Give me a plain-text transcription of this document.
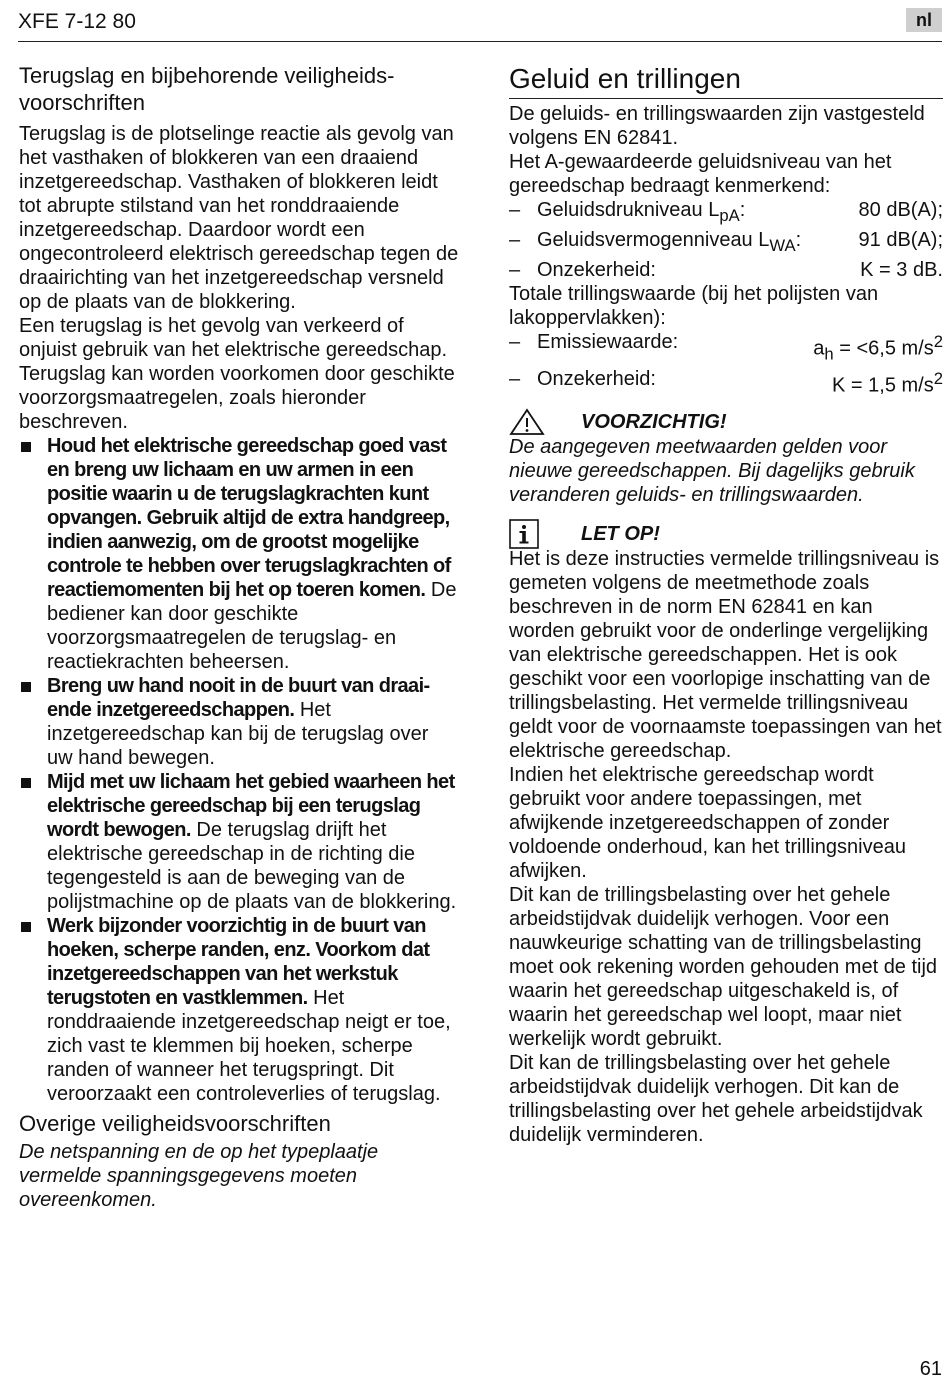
XFE 7-12 80	nl
Terugslag en bijbehorende veiligheids-
voorschriften

Terugslag is de plotselinge reactie als gevolg van het vasthaken of blokkeren van een draaiend inzetgereedschap. Vasthaken of blokkeren leidt tot abrupte stilstand van het ronddraaiende inzetgereedschap. Daardoor wordt een ongecontroleerd elektrisch gereedschap tegen de draairichting van het inzetgereedschap versneld op de plaats van de blokkering.

Een terugslag is het gevolg van verkeerd of onjuist gebruik van het elektrische gereedschap. Terugslag kan worden voorkomen door geschikte voorzorgsmaatregelen, zoals hieronder beschreven.

Houd het elektrische gereedschap goed vast en breng uw lichaam en uw armen in een positie waarin u de terugslagkrachten kunt opvangen. Gebruik altijd de extra handgreep, indien aanwezig, om de grootst mogelijke controle te hebben over terugslagkrachten of reactiemomenten bij het op toeren komen. De bediener kan door geschikte voorzorgsmaatregelen de terugslag- en reactiekrachten beheersen.
Breng uw hand nooit in de buurt van draaiende inzetgereedschappen. Het inzetgereedschap kan bij de terugslag over uw hand bewegen.
Mijd met uw lichaam het gebied waarheen het elektrische gereedschap bij een terugslag wordt bewogen. De terugslag drijft het elektrische gereedschap in de richting die tegengesteld is aan de beweging van de polijstmachine op de plaats van de blokkering.
Werk bijzonder voorzichtig in de buurt van hoeken, scherpe randen, enz. Voorkom dat inzetgereedschappen van het werkstuk terugstoten en vastklemmen. Het ronddraaiende inzetgereedschap neigt er toe, zich vast te klemmen bij hoeken, scherpe randen of wanneer het terugspringt. Dit veroorzaakt een controleverlies of terugslag.
Overige veiligheidsvoorschriften

De netspanning en de op het typeplaatje vermelde spanningsgegevens moeten overeenkomen.

Geluid en trillingen

De geluids- en trillingswaarden zijn vastgesteld volgens EN 62841.

Het A-gewaardeerde geluidsniveau van het gereedschap bedraagt kenmerkend:

– Geluidsdrukniveau $L_{pA}$:	80 dB(A);
– Geluidsvermogenniveau $L_{WA}$:	91 dB(A);
– Onzekerheid:	K = 3 dB.

Totale trillingswaarde (bij het polijsten van lakoppervlakken):

– Emissiewaarde:	$a_h = <6,5$ $m/s^2$
– Onzekerheid:	K = 1,5 $m/s^2$
VOORZICHTIG!

De aangegeven meetwaarden gelden voor nieuwe gereedschappen. Bij dagelijks gebruik veranderen geluids- en trillingswaarden.

LET OP!

Het is deze instructies vermelde trillingsniveau is gemeten volgens de meetmethode zoals beschreven in de norm EN 62841 en kan worden gebruikt voor de onderlinge vergelijking van elektrische gereedschappen. Het is ook geschikt voor een voorlopige inschatting van de trillingsbelasting. Het vermelde trillingsniveau geldt voor de voornaamste toepassingen van het elektrische gereedschap.

Indien het elektrische gereedschap wordt gebruikt voor andere toepassingen, met afwijkende inzetgereedschappen of zonder voldoende onderhoud, kan het trillingsniveau afwijken.

Dit kan de trillingsbelasting over het gehele arbeidstijdvak duidelijk verhogen. Voor een nauwkeurige schatting van de trillingsbelasting moet ook rekening worden gehouden met de tijd waarin het gereedschap uitgeschakeld is, of waarin het gereedschap wel loopt, maar niet werkelijk wordt gebruikt.

Dit kan de trillingsbelasting over het gehele arbeidstijdvak duidelijk verhogen. Dit kan de trillingsbelasting over het gehele arbeidstijdvak duidelijk verminderen.

61
